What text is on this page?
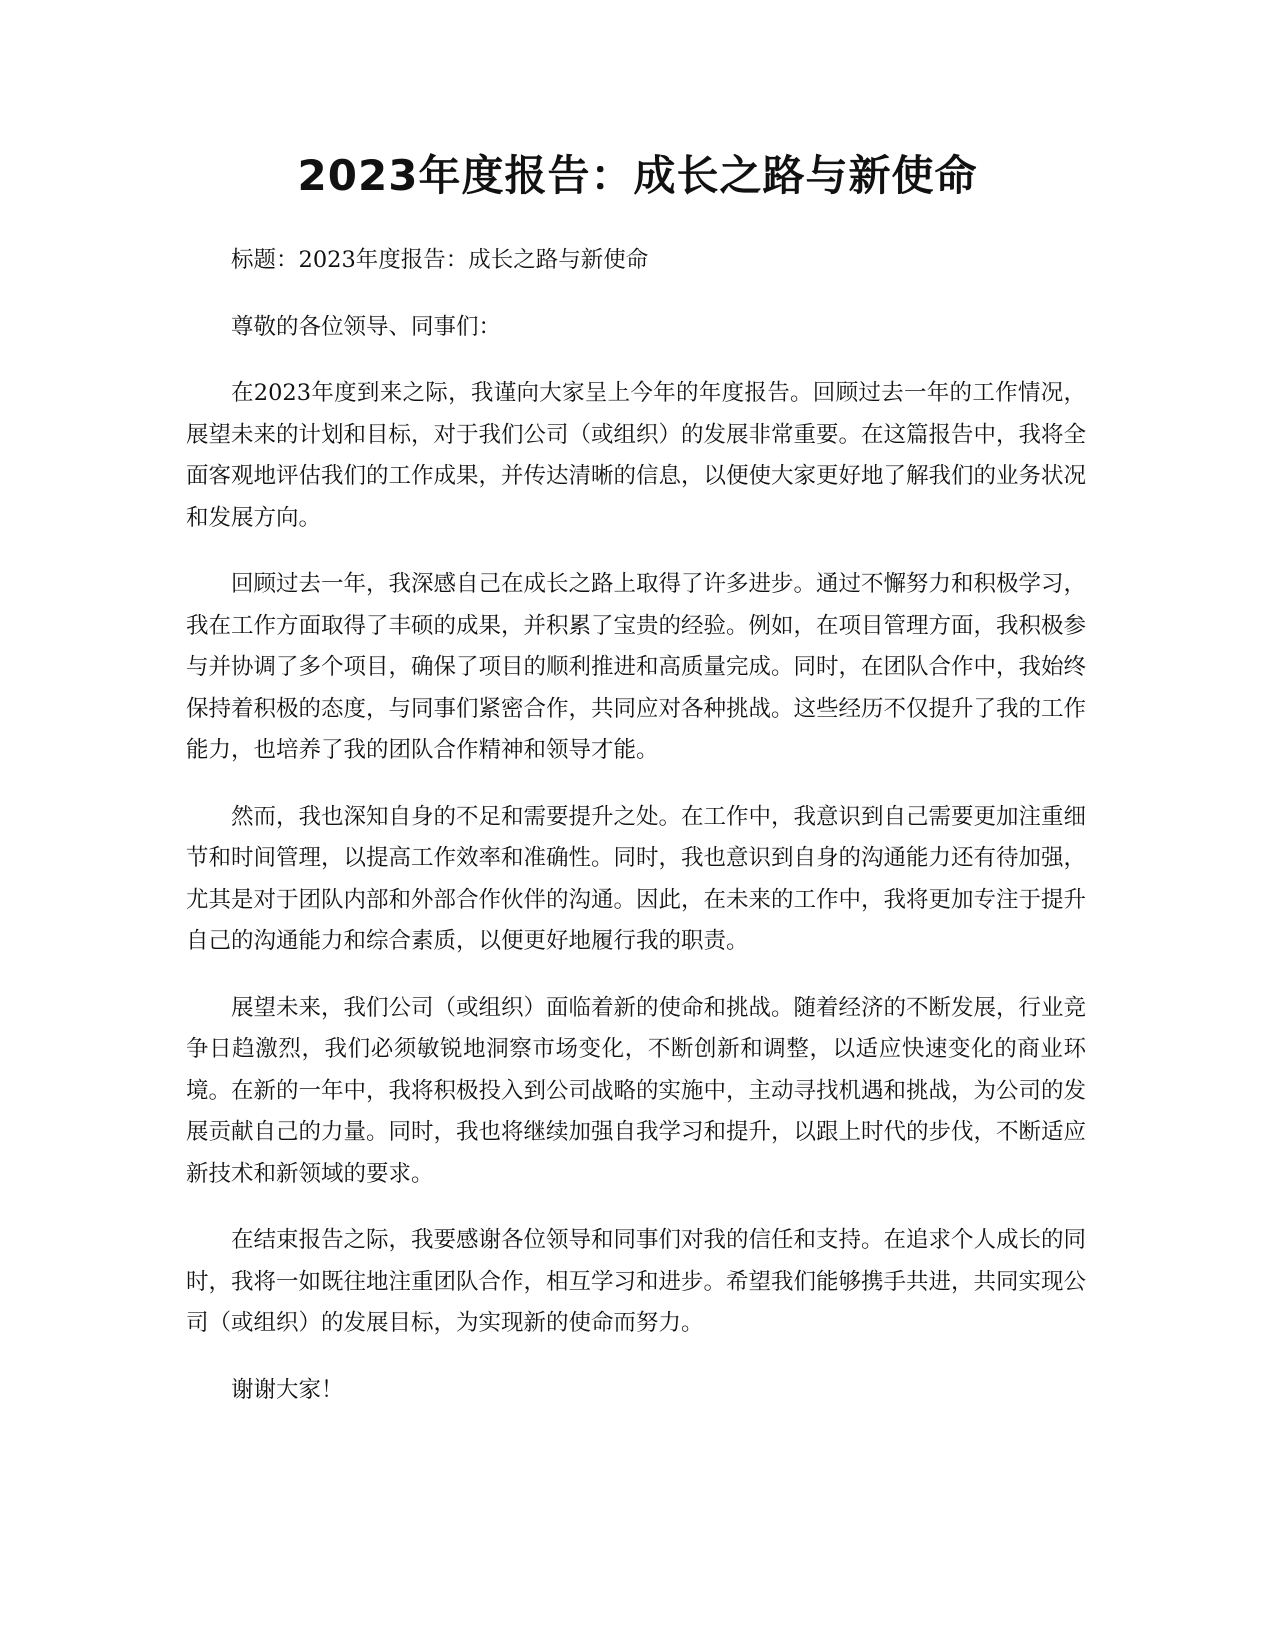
2023年度报告：成长之路与新使命

标题：2023年度报告：成长之路与新使命

尊敬的各位领导、同事们：

在2023年度到来之际，我谨向大家呈上今年的年度报告。回顾过去一年的工作情况，展望未来的计划和目标，对于我们公司（或组织）的发展非常重要。在这篇报告中，我将全面客观地评估我们的工作成果，并传达清晰的信息，以便使大家更好地了解我们的业务状况和发展方向。

回顾过去一年，我深感自己在成长之路上取得了许多进步。通过不懈努力和积极学习，我在工作方面取得了丰硕的成果，并积累了宝贵的经验。例如，在项目管理方面，我积极参与并协调了多个项目，确保了项目的顺利推进和高质量完成。同时，在团队合作中，我始终保持着积极的态度，与同事们紧密合作，共同应对各种挑战。这些经历不仅提升了我的工作能力，也培养了我的团队合作精神和领导才能。

然而，我也深知自身的不足和需要提升之处。在工作中，我意识到自己需要更加注重细节和时间管理，以提高工作效率和准确性。同时，我也意识到自身的沟通能力还有待加强，尤其是对于团队内部和外部合作伙伴的沟通。因此，在未来的工作中，我将更加专注于提升自己的沟通能力和综合素质，以便更好地履行我的职责。

展望未来，我们公司（或组织）面临着新的使命和挑战。随着经济的不断发展，行业竞争日趋激烈，我们必须敏锐地洞察市场变化，不断创新和调整，以适应快速变化的商业环境。在新的一年中，我将积极投入到公司战略的实施中，主动寻找机遇和挑战，为公司的发展贡献自己的力量。同时，我也将继续加强自我学习和提升，以跟上时代的步伐，不断适应新技术和新领域的要求。

在结束报告之际，我要感谢各位领导和同事们对我的信任和支持。在追求个人成长的同时，我将一如既往地注重团队合作，相互学习和进步。希望我们能够携手共进，共同实现公司（或组织）的发展目标，为实现新的使命而努力。

谢谢大家！
